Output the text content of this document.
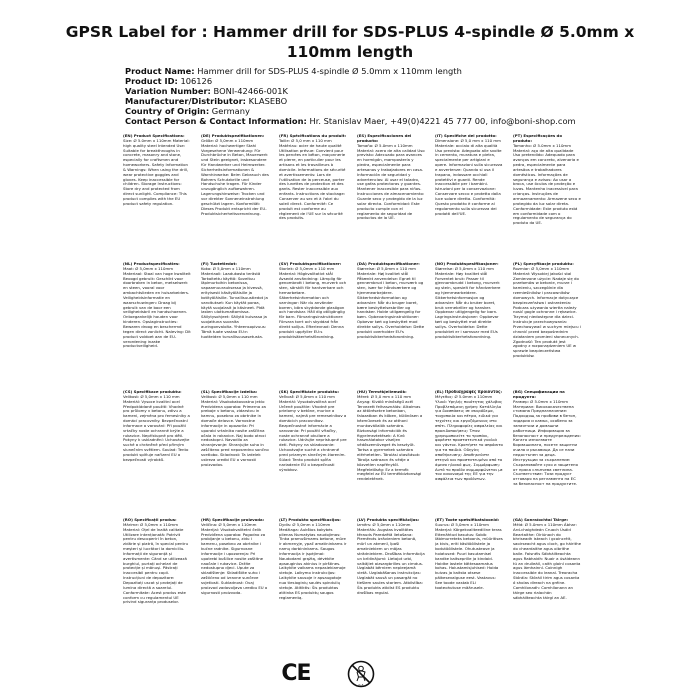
GPSR Label for : Hammer drill for SDS-PLUS 4-spindle Ø 5.0mm x 110mm length
Product Name: Hammer drill for SDS-PLUS 4-spindle Ø 5.0mm x 110mm length
Product ID: 106126
Variation Number: BONI-42466-001K
Manufacturer/Distributor: KLASEBO
Country of Origin: Germany
Contact Person & Contact Information: Hr. Stanislav Maer, +49(0)4221 45 777 00, info@boni-shop.com
(EN) Product Specifications:
Size: Ø 5.0mm x 110mm Material: high quality steel Intended Use: Suitable for breakthroughs in concrete, masonry and stone, especially for craftsmen and homeworkers. Safety Information & Warnings: When using the drill, wear protective goggles and gloves. Keep inaccessible for children. Storage Instructions: Store dry and protected from direct sunlight. Compliance: This product complies with the EU product safety regulation.
(DE) Produktspezifikationen:
Größe: Ø 5,0mm x 110mm Material: hochwertiger Stahl Vorgesehene Verwendung: Für Durchbrüche in Beton, Mauerwerk und Stein geeignet, insbesondere für Handwerker und Heimwerker. Sicherheitsinformationen & Warnhinweise: Beim Gebrauch des Bohrers Schutzbrille und Handschuhe tragen. Für Kinder unzugänglich aufbewahren. Lagerungshinweise: Trocken und vor direkter Sonneneinstrahlung geschützt lagern. Konformität: Dieses Produkt entspricht der EU-Produktsicherheitsverordnung.
(FR) Spécifications du produit:
Taille: Ø 5,0 mm x 110 mm Matériau: acier de haute qualité Utilisation prévue: Convient pour les percées en béton, maçonnerie et pierre, en particulier pour les artisans et les travailleurs à domicile. Informations de sécurité et avertissements: Lors de l'utilisation de la perceuse, porter des lunettes de protection et des gants. Rester inaccessible aux enfants. Instructions de stockage: Conserver au sec et à l'abri du soleil direct. Conformité: Ce produit est conforme au règlement de l'UE sur la sécurité des produits.
(ES) Especificaciones del producto:
Tamaño: Ø 5.0mm x 110mm Material: acero de alta calidad Uso previsto: Adecuado para avances en hormigón, mampostería y piedra, especialmente para artesanos y trabajadores en casa. Información de seguridad y advertencias: Al usar el taladro, use gafas protectoras y guantes. Mantener inaccesible para niños. Instrucciones de almacenamiento: Guarde seco y protegido de la luz solar directa. Conformidad: Este producto cumple con el reglamento de seguridad de productos de la UE.
(IT) Specifiche del prodotto:
Dimensione: Ø 5,0 mm x 110 mm Materiale: acciaio di alta qualità Uso previsto: Adeguato alle svolte in cemento, muratura e pietra, specialmente per artigiani e opere. Informazioni sulla sicurezza e avvertenze: Quando si usa il trapano, indossare occhiali protettivi e guanti. Rende inaccessibile per i bambini. Istruzioni per la conservazione: Conservare secco e protetto dalla luce solare diretta. Conformità: Questo prodotto è conforme al regolamento sulla sicurezza dei prodotti dell'UE.
(PT) Especificações do produto:
Tamanho: Ø 5.0mm x 110mm Material: aço de alta qualidade Uso pretendido: Adequado para avanços em concreto, alvenaria e pedra, especialmente para artesãos e trabalhadores domésticos. Informações de segurança e avisos: Ao usar a broca, use óculos de proteção e luvas. Mantenha inacessível para crianças. Instruções de armazenamento: Armazene seco e protegido da luz solar direta. Conformidade: Este produto está em conformidade com o regulamento de segurança do produto da UE.
(NL) Productspecificaties:
Maat: Ø 5,0mm x 110mm Materiaal: Staal van hoge kwaliteit Beoogd gebruik: Geschikt voor doorbraken in beton, metselwerk en steen, vooral voor ambachtslieden en huisarbeiders. Veiligheidsinformatie en waarschuwingen: Draag bij gebruik van de boor een veiligheidsbril en handschoenen. Ontoegankelijk houden voor kinderen. Opslaginstructies: Bewaren droog en beschermd tegen direct zonlicht. Naleving: Dit product voldoet aan de EU-verordening inzake productveiligheid.
(FI) Tuotetiedot:
Koko: Ø 5,0mm x 110mm Materiaali: Laadukasta terästä Tarkoitettu käyttö: Soveltuu läpimurtoihin betonissa, vapaamuurauksessa ja kivessä, erityisesti käsityöläisille ja kotityöläisille. Turvallisuustiedot ja varoitukset: Kun käytät poraa, käytä suojalasit ja käsineet. Pidä lasten ulottumattomissa. Säilytysohjeet: Säilytä kuivassa ja suojattuna suoralta auringonvalolta. Yhteensopivuus: Tämä tuote vastaa EU:n tuotteiden turvallisuusasetusta.
(SV) Produktspecifikationer:
Storlek: Ø 5,0mm x 110 mm Material: Högkvalitativt stål Avsedd användning: Lämplig för genombrott i betong, murverk och sten, särskilt för hantverkare och hemarbetare. Säkerhetsinformation och varningar: När du använder borren, bära skyddande glasögon och handskar. Håll dig otillgänglig för barn. Förvaringsinstruktioner: Förvara torrt och skyddad från direkt solljus. Efterlevnad: Denna produkt uppfyller EU:s produktsäkerhetsförordning.
(DA) Produktspecifikationer:
Størrelse: Ø 5,0mm x 110 mm Materiale: Høj kvalitet stål Påtænkt anvendelse: Egnet til gennembrud i beton, murværk og sten, især for håndværkere og hjemmearbejdere. Sikkerhedsinformation og advarsler: Når du bruger boret, bære beskyttelsesbriller og handsker. Holde utilgængelig for børn. Opbevaringsinstruktioner: Opbevar tørt og beskyttet mod direkte sollys. Overholdelse: Dette produkt overholder EU's produktsikkerhedsforordning.
(NO) Produktspesifikasjoner:
Størrelse: Ø 5,0mm x 110 mm Materiale: Høy kvalitet stål Forventet bruk: Passer til gjennombrudd i betong, murverk og stein, spesielt for håndverkere og hjemmearbeidere. Sikkerhetsinformasjon og advarsler: Når du bruker boret, bruk vernebriller og hansker. Oppbevar utilgjengelig for barn. Lagringsinstruksjoner: Oppbevar tørt og beskyttet mot direkte sollys. Overholdelse: Dette produktet er i samsvar med EUs produktsikkerhetsforordning.
(PL) Specyfikacje produktu:
Rozmiar: Ø 5,0mm x 110mm Materiał: Wysokiej jakości stal Zamierzone użycie: Nadaje się do przełomów w betonie, murze i kamieniu, szczególnie dla rzemieślników i pracowników domowych. Informacje dotyczące bezpieczeństwa i ostrzeżenia: Podczas używania wiertła należy nosić gogle ochronne i rękawice. Trzymaj niedostępne dla dzieci. Instrukcje przechowywania: Przechowywać w suchym miejscu i chronić przed bezpośrednim działaniem promieni słonecznych. Zgodność: Ten produkt jest zgodny z rozporządzeniem UE w sprawie bezpieczeństwa produktów.
(CS) Specifikace produktu:
Velikost: Ø 5,0mm x 110 mm Materiál: Vysoce kvalitní ocel Předpokládané použití: Vhodné pro průlomy v betonu, zdivu a kameni, zejména pro řemeslníky a domácí pracovníky. Bezpečnostní informace a varování: Při použití vrtačky noste ochranné brýle a rukavice. Nepřístupné pro děti. Pokyny k uskladnění: Uchovávejte suché a chráněné před přímým slunečním světlem. Soulad: Tento produkt splňuje nařízení EU o bezpečnosti výrobků.
(SL) Specifikacije izdelka:
Velikost: Ø 5,0mm x 110 mm Material: Visokokakovostno jeklo Predvidena uporaba: Primerno za preboje v betonu, zidarstvu in kamnu, posebno za obrtnike in domače delavce. Varnostne informacije in opozorila: Pri uporabi vrtalnika nosite zaščitna očala in rokavice. Naj bodo otroci nedostopni. Navodila za shranjevanje: Shranjujte suho in zaščiteno pred neposredno sončno svetlobo. Skladnost: Ta izdelek ustreza uredbi EU o varnosti proizvodov.
(SK) Špecifikácie produktu:
Veľkosť: Ø 5,0mm x 110 mm Materiál: Vysokokvalitná oceľ Určené použitie: Vhodné pre prielomy v betóne, murive a kameni, najmä pre remeselníkov a domácich pracovníkov. Bezpečnostné informácie a varovania: Pri použití vŕtačky, noste ochranné okuliare a rukavice. Udržujte neprístupné pre deti. Pokyny na skladovanie: Uchovávajte suché a chránené pred priamym slnečným žiarením. Súlad: Tento produkt spĺňa nariadenie EÚ o bezpečnosti výrobkov.
(HU) Termékjellemzők:
Méret: Ø 5,0 mm x 110 mm Anyag: Kiváló minőségű acél Tervezett felhasználás: Alkalmas az áttörésekre betonban, falazatban és kőben, különösen a kézművesek és az otthoni munkavállalók számára. Biztonsági információk és figyelmeztetések: A fúró használatakor viseljen védőszemüveget és kesztyűt. Tartsa a gyermekek számára elérhetetlen. Tárolási utasítások: Tárolja szárazon és védje a közvetlen napfénytől. Megfelelőség: Ez a termék megfelel az EU termékbiztonsági rendeletének.
(EL) Προδιαγραφές προϊόντος:
Μέγεθος: Ø 5.0mm x 110mm Υλικό: Υψηλής ποιότητας χάλυβας Προβλεπόμενη χρήση: Κατάλληλο για διασπάσεις σε σκυρόδεμα, τοιχοποιία και πέτρα, ειδικά για τεχνίτες και εργαζόμενους στο σπίτι. Πληροφορίες ασφαλείας και προειδοποιήσεις: Όταν χρησιμοποιείτε το τρυπάνι, φορέστε προστατευτικά γυαλιά και γάντια. Κρατήστε το απρόσιτο για τα παιδιά. Οδηγίες αποθήκευσης: Αποθηκεύστε στεγνό και προστατευμένο από το άμεσο ηλιακό φως. Συμμόρφωση: Αυτό το προϊόν συμμορφώνεται με τον κανονισμό της ΕΕ για την ασφάλεια των προϊόντων.
(BG) Спецификации на продукта:
Размер: Ø 5.0mm x 110mm Материал: Висококачествена стомана Предназначение: Подходящ за пробиви в бетон, зидария и камък, особено за занаятчии и домашни работници. Информация за безопасност и предупреждения: Когато използвате бормашината, носете защитни очила и ръкавици. Да се пази недостъпен за деца. Инструкции за съхранение: Съхранявайте сухо и защитено от пряка слънчева светлина. Съответствие: Този продукт отговаря на регламента на ЕС за безопасност на продуктите.
(RO) Specificații produs:
Mărime: Ø 5,0mm x 110mm Material: Oțel de înaltă calitate Utilizare intenționată: Potrivit pentru descoperiri în beton, zidărie și piatră, în special pentru meșteri și lucrători la domiciliu. Informații de siguranță și avertismente: Când se utilizează burghiul, purtați ochelari de protecție și mănuși. Păstrați inaccesibil pentru copii. Instrucțiuni de depozitare: Depozitați uscat și protejați de lumina directă a soarelui. Conformitate: Acest produs este conform cu regulamentul UE privind siguranța produselor.
(HR) Specifikacije proizvoda:
Veličina: Ø 5,0mm x 110mm Materijal: Visokokvalitetni čelik Predviđena uporaba: Pogodno za probijanje u betonu, zidu i kamenu, posebno za obrtnike i kućne radnike. Sigurnosne informacije i upozorenja: Pri upotrebi bušilice nosite zaštitne naočale i rukavice. Držite nedostupno djeci. Upute za skladištenje: Skladištite suho i zaštićeno od izravne sunčeve svjetlosti. Sukladnost: Ovaj proizvod zadovoljava uredbu EU o sigurnosti proizvoda.
(LT) Produkto specifikacijos:
Dydis: Ø 5,0mm x 110mm Medžiaga: Aukštos kokybės plienas Numatytas naudojimas: Tinka pramušimams betone, mūre ir akmenyje, ypač amatininkams ir namų darbininkams. Saugos informacija ir įspėjimai: Naudodami grąžtą, dėvėkite apsauginius akinius ir pirštines. Laikykite vaikams nepasiekiamoje vietoje. Laikymo instrukcijos: Laikykite sausoje ir apsaugotoje nuo tiesioginių saulės spindulių vietoje. Atitiktis: Šis produktas atitinka ES produktų saugos reglamentą.
(LV) Produkta specifikācijas:
Izmērs: Ø 5,0mm x 110mm Materiāls: Augstas kvalitātes tērauds Paredzētā lietošana: Piemērots izrāvieniem betonā, mūrī un akmenī, īpaši amatniekiem un mājas strādniekiem. Drošības informācija un brīdinājumi: Lietojot urbi, valkājiet aizsargbrilles un cimdus. Uzglabāt bērniem nepieejamā vietā. Uzglabāšanas instrukcijas: Uzglabāt sausā un pasargāt no tiešiem saules stariem. Atbilstība: Šis produkts atbilst ES produktu drošības regulai.
(ET) Toote spetsifikatsioonid:
Suurus: Ø 5,0mm x 110mm Materjal: Kõrgekvaliteediline teras Ettenähtud kasutus: Sobib läbimurreteks betoonis, müüritises ja kivis, eriti käsitöölistele ja kodutöölistele. Ohutusteave ja hoiatused: Puuri kasutamisel kandke kaitseprille ja kindaid. Hoidke lastele kättesaamatus kohas. Hoiustamisjuhised: Hoida kuivas ja kaitsta otsese päikesevalguse eest. Vastavus: See toode vastab ELi tooteohutuse määrusele.
(GA) Sonraíochtaí Táirge:
Méid: Ø 5.0mm x 110mm Ábhar: Ard-chaighdeán Cruach Úsáid Beartaithe: Oiriúnach do bhriseadh isteach i gcoincréit, saoirseacht agus cloch, go háirithe do cheardaithe agus oibrithe baile. Faisnéis Sábháilteachta agus Rabhaidh: Nuair a úsáideann tú an druileáil, caith gloiní cosanta agus lámhainní. Coinnigh inaccessible do leanaí. Treoracha Stórála: Stóráil tirim agus cosanta ó sholas díreach na gréine. Comhlíonadh: Comhlíonann an táirge seo rialachán sábháilteachta táirgí an AE.
CE	0-3
